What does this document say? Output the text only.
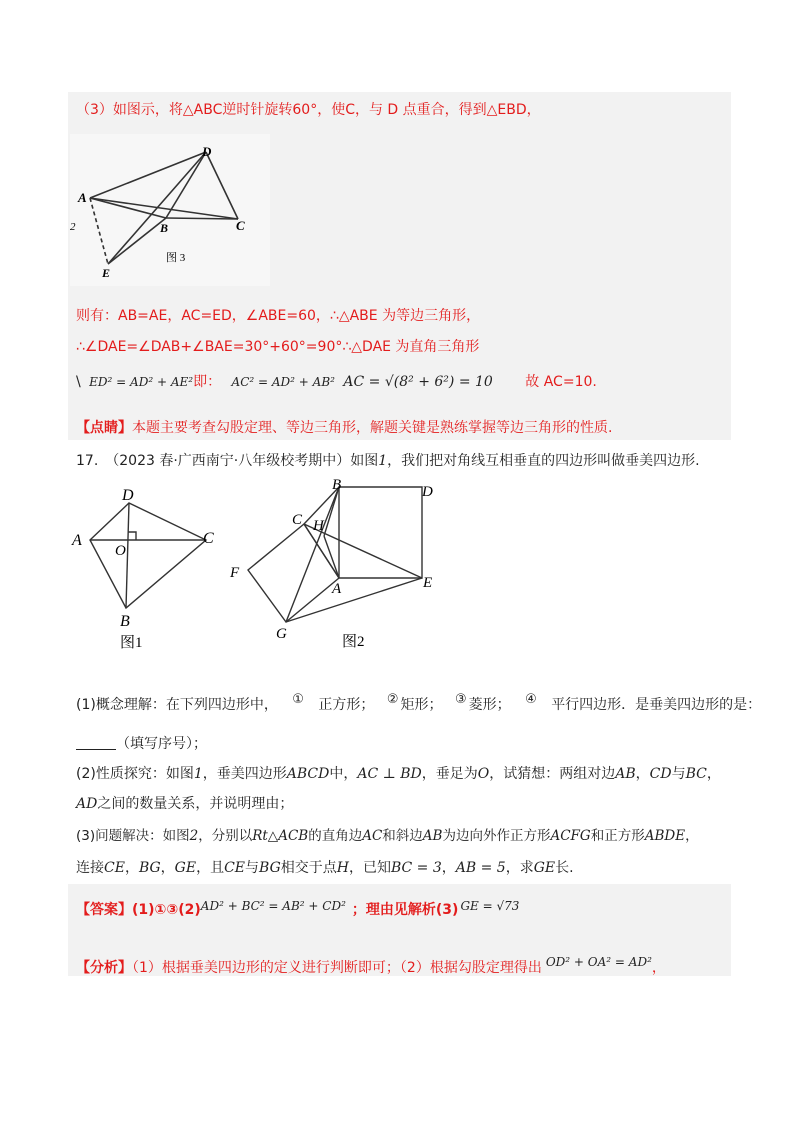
（3）如图示，将△ABC逆时针旋转60°，使C，与 D 点重合，得到△EBD，
D
A
B	C
E
图 3
2
则有：AB=AE，AC=ED，∠ABE=60，∴△ABE 为等边三角形，
∴∠DAE=∠DAB+∠BAE=30°+60°=90°∴△DAE 为直角三角形
\ ED² = AD² + AE²即： AC² = AD² + AB² AC = √(8² + 6²) = 10 故 AC=10.
【点睛】本题主要考查勾股定理、等边三角形，解题关键是熟练掌握等边三角形的性质.
17.　（2023 春·广西南宁·八年级校考期中）如图1，我们把对角线互相垂直的四边形叫做垂美四边形.
D
A
O
C
B
图1
B	D
C H
F
A	E
G	图2
(1)概念理解：在下列四边形中， ① 正方形； ② 矩形； ③ 菱形； ④ 平行四边形．是垂美四边形的是：
（填写序号）；
(2)性质探究：如图1，垂美四边形ABCD中，AC ⊥ BD，垂足为O，试猜想：两组对边AB，CD与BC，
AD之间的数量关系，并说明理由；
(3)问题解决：如图2，分别以Rt△ACB的直角边AC和斜边AB为边向外作正方形ACFG和正方形ABDE，
连接CE，BG，GE，且CE与BG相交于点H，已知BC = 3，AB = 5，求GE长.
【答案】(1)①③(2)AD² + BC² = AB² + CD² ；理由见解析(3) GE = √73
【分析】（1）根据垂美四边形的定义进行判断即可；（2）根据勾股定理得出 OD² + OA² = AD²，
